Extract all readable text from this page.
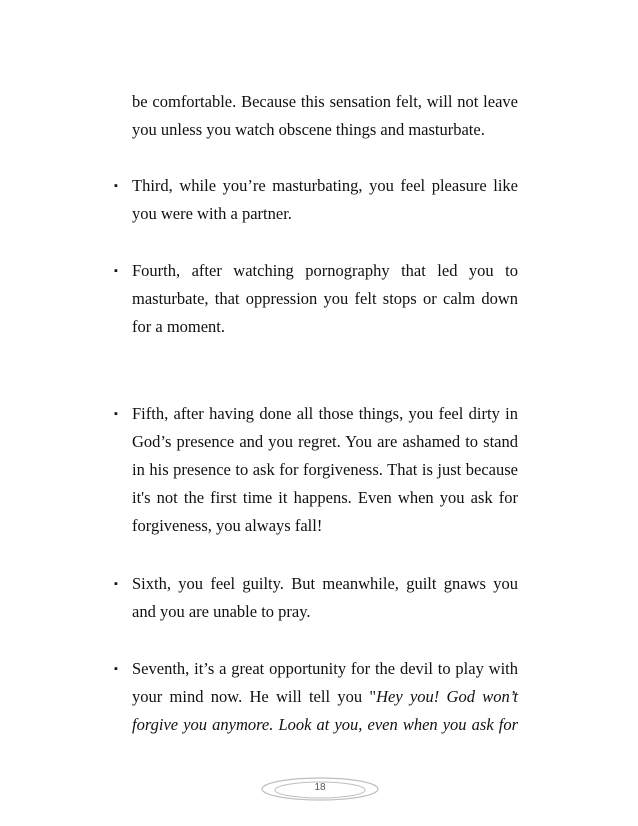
be comfortable. Because this sensation felt, will not leave
you unless you watch obscene things and masturbate.
▪ Third, while you’re masturbating, you feel pleasure like
you were with a partner.
▪ Fourth, after watching pornography that led you to
masturbate, that oppression you felt stops or calm down
for a moment.
▪ Fifth, after having done all those things, you feel dirty in
God’s presence and you regret. You are ashamed to stand
in his presence to ask for forgiveness. That is just because
it's not the first time it happens. Even when you ask for
forgiveness, you always fall!
▪ Sixth, you feel guilty. But meanwhile, guilt gnaws you
and you are unable to pray.
▪ Seventh, it’s a great opportunity for the devil to play with
your mind now. He will tell you "Hey you! God won’t
forgive you anymore. Look at you, even when you ask for
18
